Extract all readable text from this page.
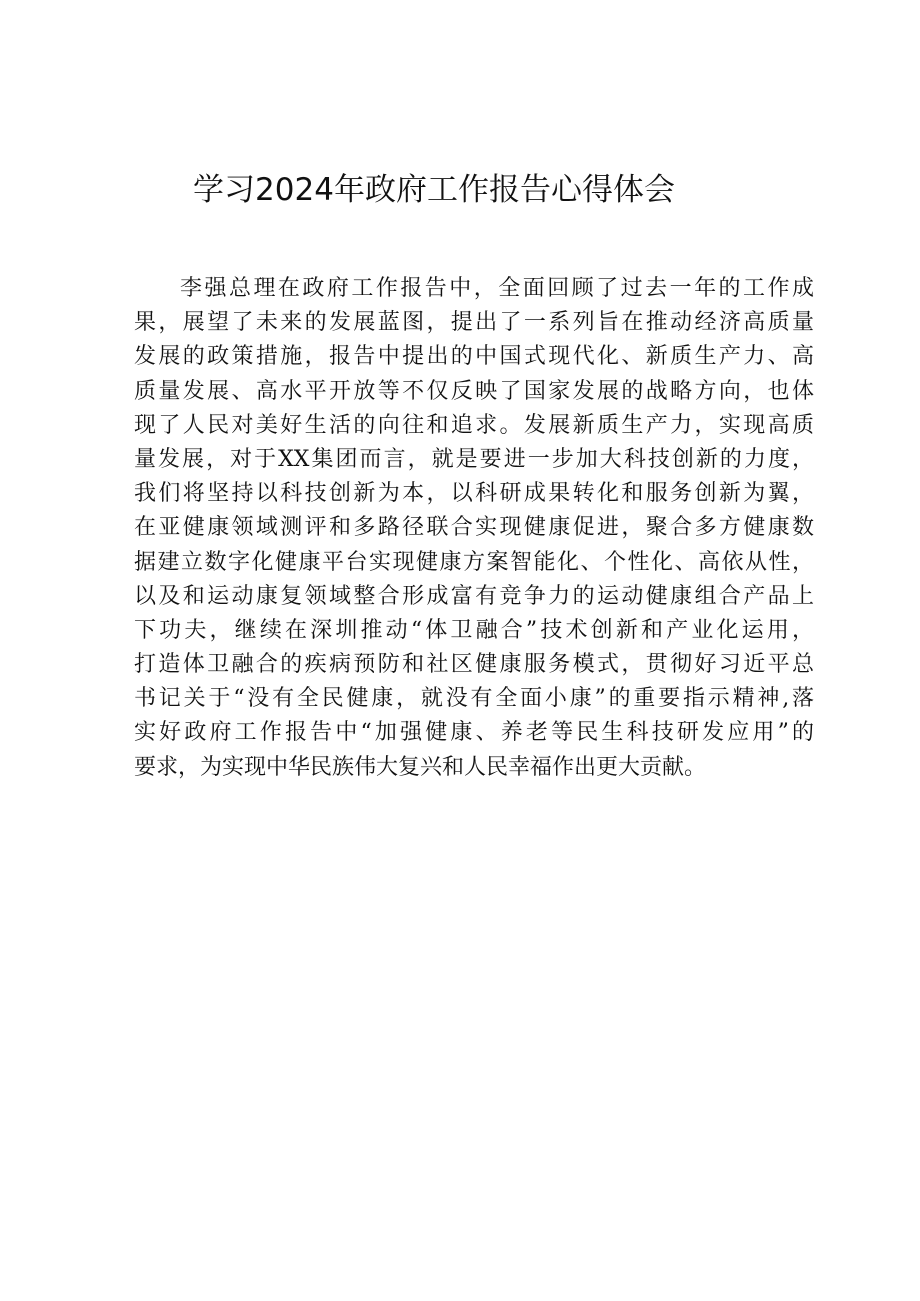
学习2024年政府工作报告心得体会
李强总理在政府工作报告中，全面回顾了过去一年的工作成
果，展望了未来的发展蓝图，提出了一系列旨在推动经济高质量
发展的政策措施，报告中提出的中国式现代化、新质生产力、高
质量发展、高水平开放等不仅反映了国家发展的战略方向，也体
现了人民对美好生活的向往和追求。发展新质生产力，实现高质
量发展，对于XX集团而言，就是要进一步加大科技创新的力度，
我们将坚持以科技创新为本，以科研成果转化和服务创新为翼，
在亚健康领域测评和多路径联合实现健康促进，聚合多方健康数
据建立数字化健康平台实现健康方案智能化、个性化、高依从性，
以及和运动康复领域整合形成富有竞争力的运动健康组合产品上
下功夫，继续在深圳推动“体卫融合”技术创新和产业化运用，
打造体卫融合的疾病预防和社区健康服务模式，贯彻好习近平总
书记关于“没有全民健康，就没有全面小康”的重要指示精神,落
实好政府工作报告中“加强健康、养老等民生科技研发应用”的
要求，为实现中华民族伟大复兴和人民幸福作出更大贡献。
